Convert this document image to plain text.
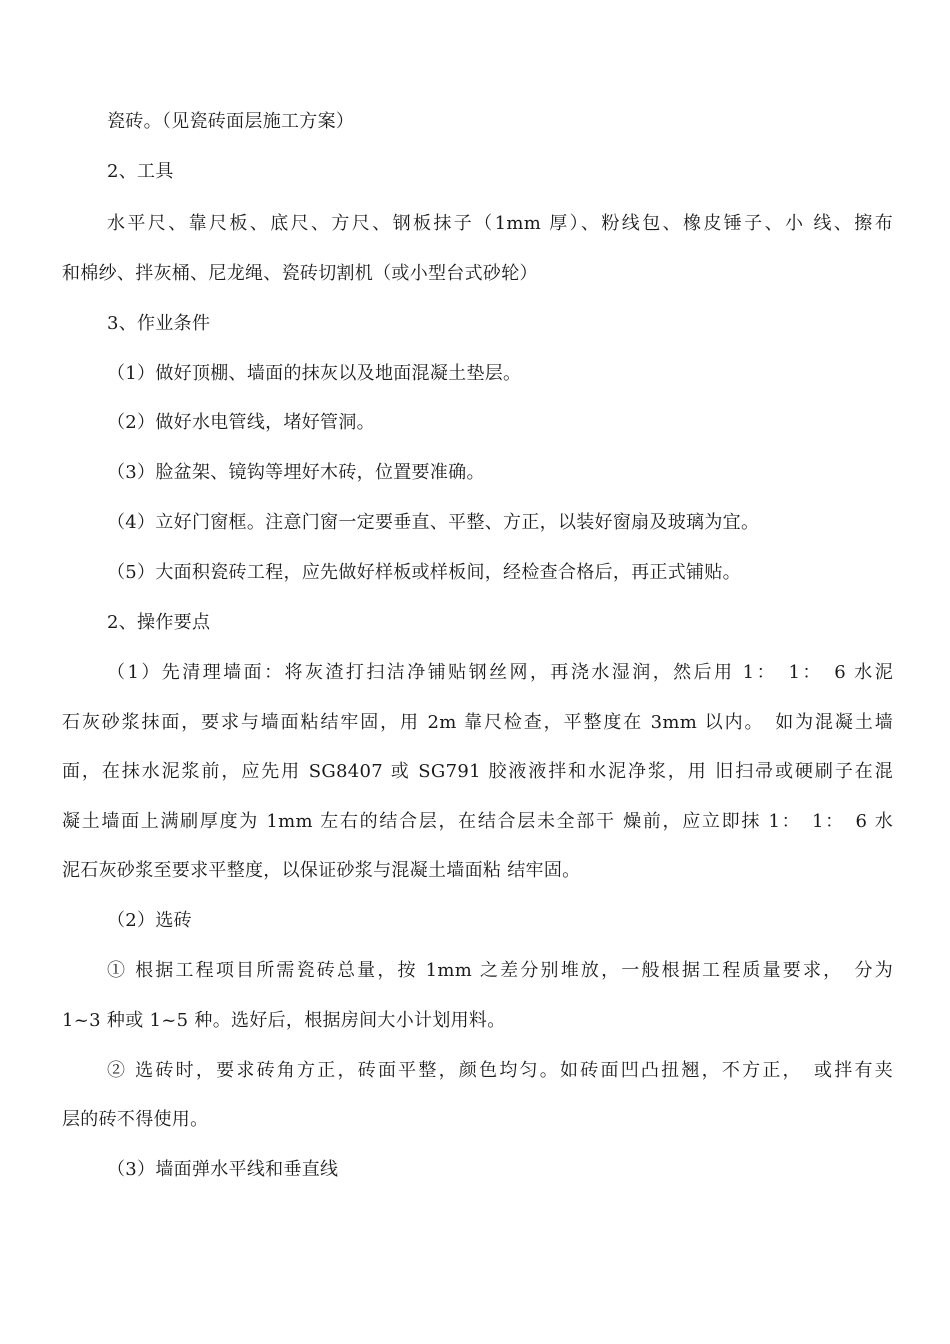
瓷砖。（见瓷砖面层施工方案）
2、工具
水平尺、靠尺板、底尺、方尺、钢板抹子（1mm 厚）、粉线包、橡皮锤子、小 线、擦布
和棉纱、拌灰桶、尼龙绳、瓷砖切割机（或小型台式砂轮）
3、作业条件
（1）做好顶棚、墙面的抹灰以及地面混凝土垫层。
（2）做好水电管线，堵好管洞。
（3）脸盆架、镜钩等埋好木砖，位置要准确。
（4）立好门窗框。注意门窗一定要垂直、平整、方正，以装好窗扇及玻璃为宜。
（5）大面积瓷砖工程，应先做好样板或样板间，经检查合格后，再正式铺贴。
2、操作要点
（1）先清理墙面：将灰渣打扫洁净铺贴钢丝网，再浇水湿润，然后用 1：　1：　6 水泥
石灰砂浆抹面，要求与墙面粘结牢固，用 2m 靠尺检查，平整度在 3mm 以内。　如为混凝土墙
面，在抹水泥浆前，应先用 SG8407 或 SG791 胶液液拌和水泥净浆，用 旧扫帚或硬刷子在混
凝土墙面上满刷厚度为 1mm 左右的结合层，在结合层未全部干 燥前，应立即抹 1：　1：　6 水
泥石灰砂浆至要求平整度，以保证砂浆与混凝土墙面粘 结牢固。
（2）选砖
① 根据工程项目所需瓷砖总量，按 1mm 之差分别堆放，一般根据工程质量要求，　分为
1~3 种或 1~5 种。选好后，根据房间大小计划用料。
② 选砖时，要求砖角方正，砖面平整，颜色均匀。如砖面凹凸扭翘，不方正，　或拌有夹
层的砖不得使用。
（3）墙面弹水平线和垂直线
